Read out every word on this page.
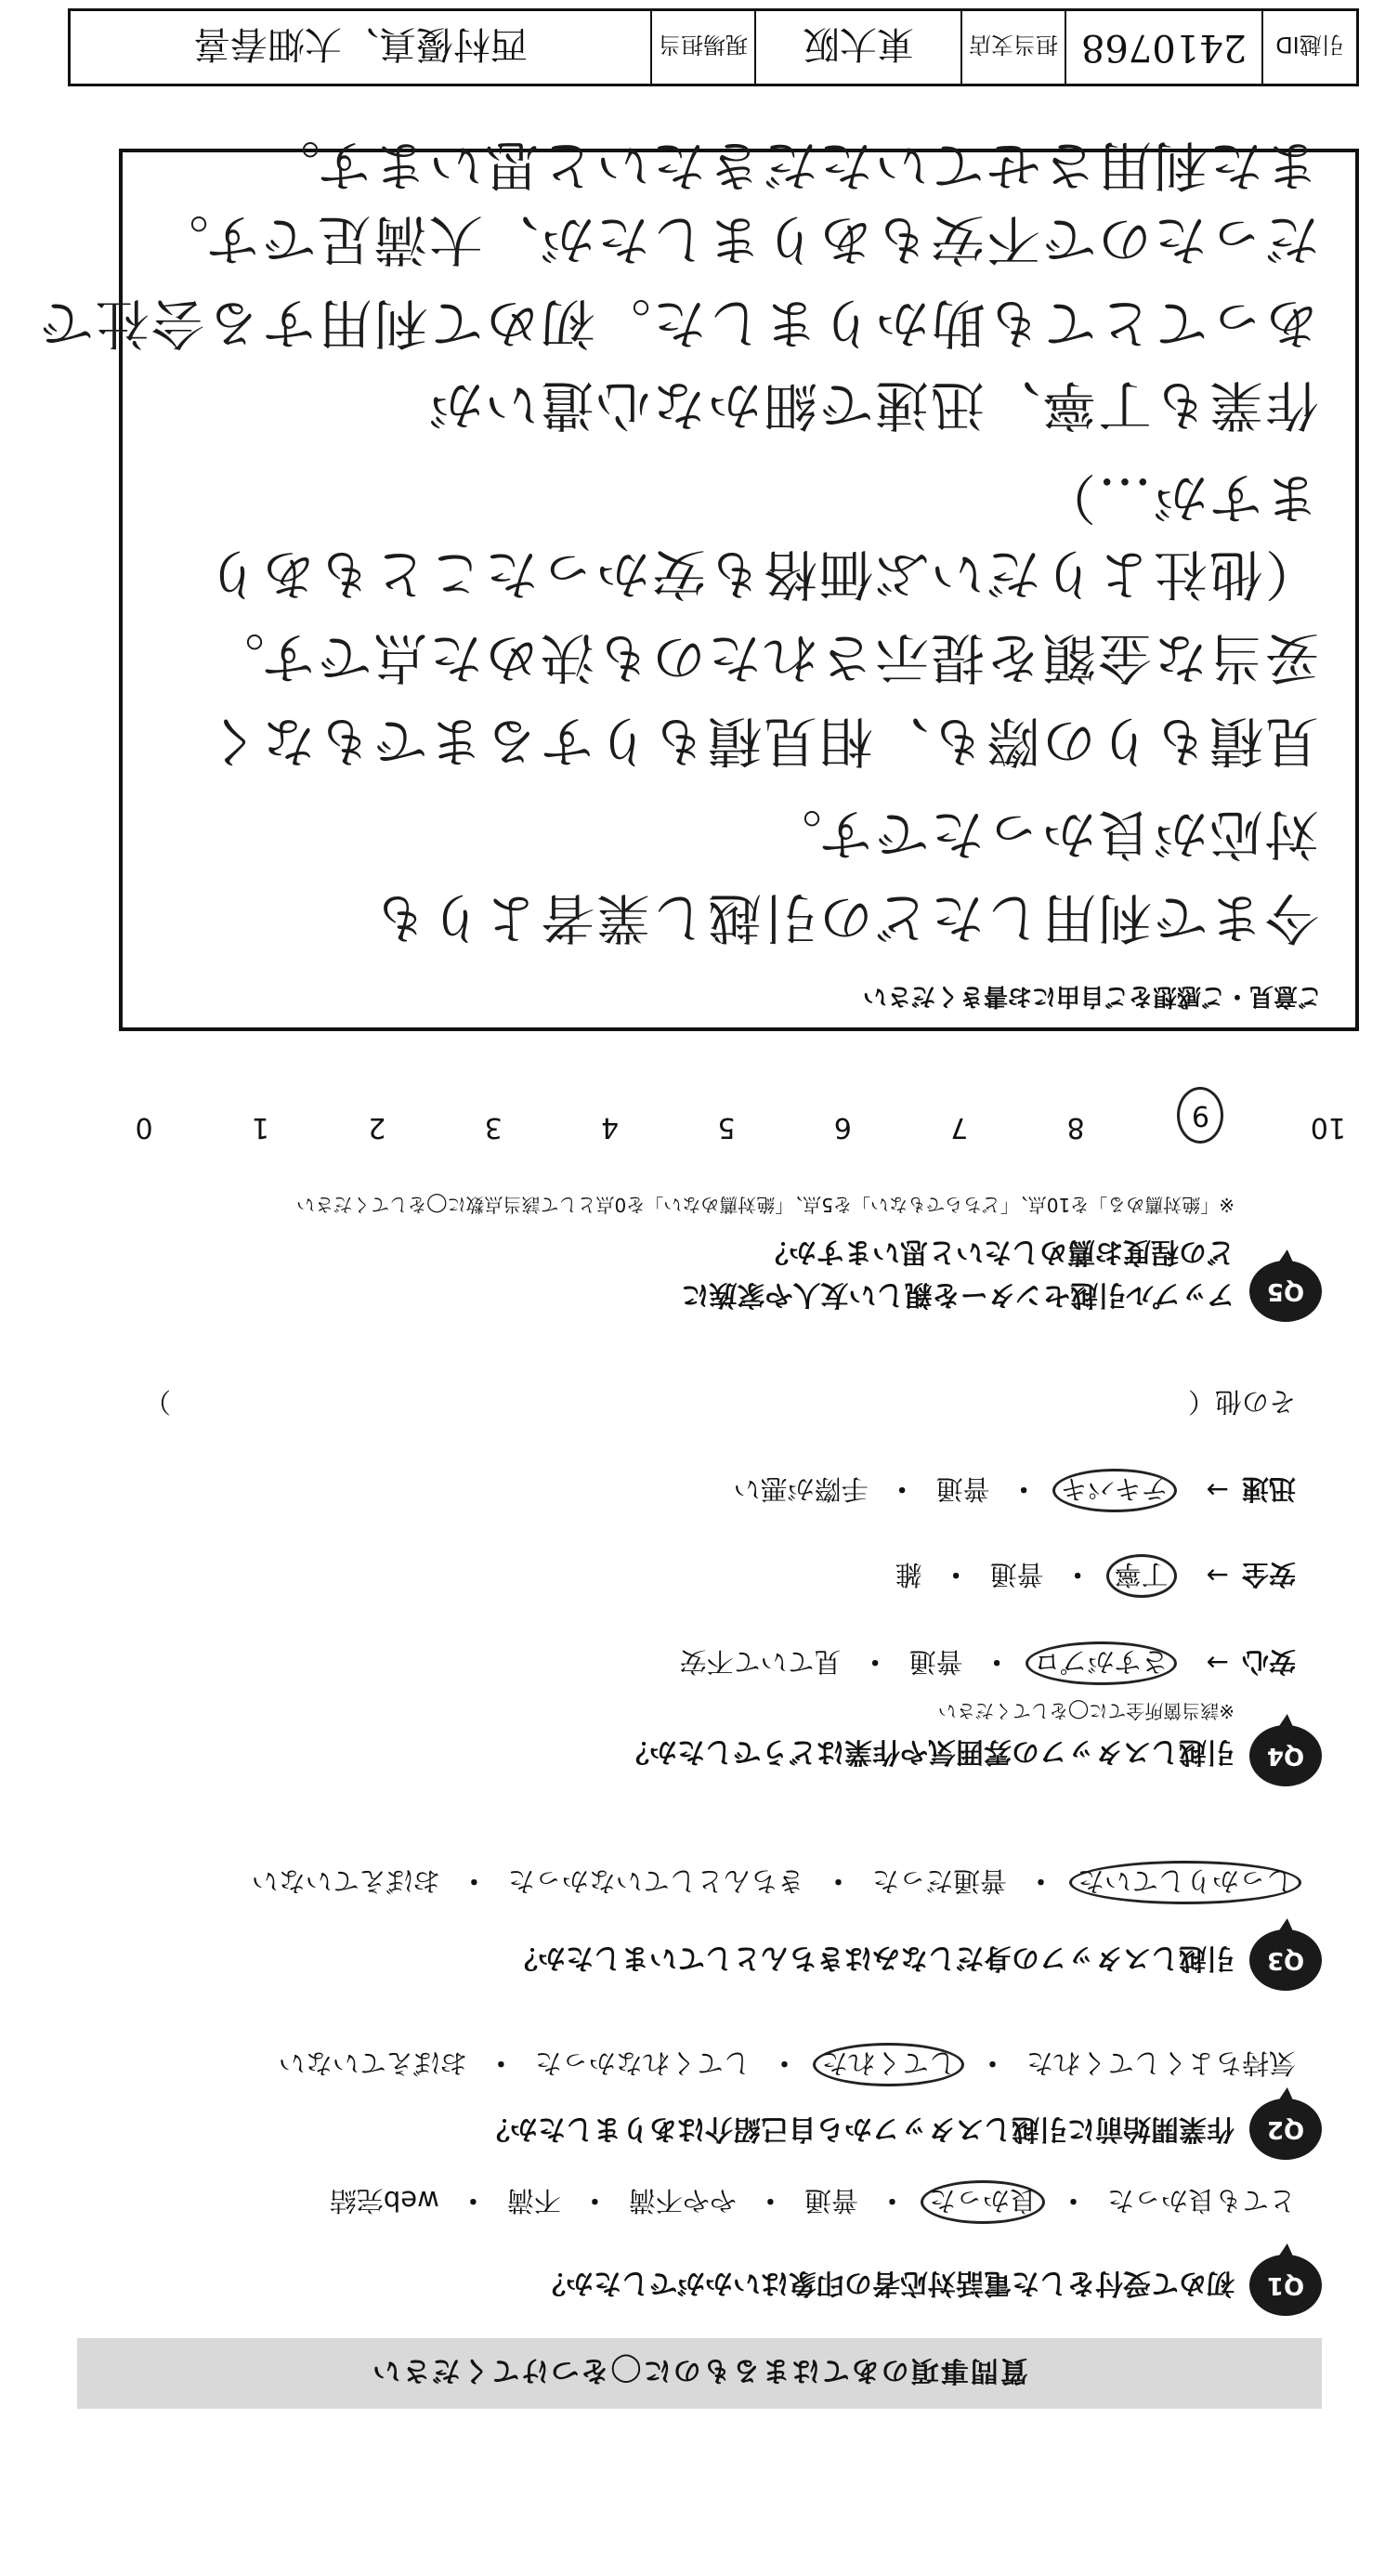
質問事項のあてはまるものに◯をつけてください
Q1
初めて受付をした電話対応者の印象はいかがでしたか？
とても良かった
・
良かった
・
普通
・
やや不満
・
不満
・
web完結
Q2
作業開始前に引越しスタッフから自己紹介はありましたか？
気持ちよくしてくれた
・
してくれた
・
してくれなかった
・
おぼえていない
Q3
引越しスタッフの身だしなみはきちんとしていましたか？
しっかりしていた
・
普通だった
・
きちんとしていなかった
・
おぼえていない
Q4
引越しスタッフの雰囲気や作業はどうでしたか？
※該当箇所全てに◯をしてください
安心
→
さすがプロ
・
普通
・
見ていて不安
安全
→
丁寧
・
普通
・
雑
迅速
→
テキパキ
・
普通
・
手際が悪い
その他（
）
Q5
アップル引越センターを親しい友人や家族に
どの程度お薦めしたいと思いますか？
※「絶対薦める」を10点、「どちらでもない」を5点、「絶対薦めない」を0点として該当点数に◯をしてください
10
9
8
7
6
5
4
3
2
1
0
ご意見・ご感想をご自由にお書きください
今まで利用したどの引越し業者よりも
対応が良かったです。
見積もりの際も、相見積もりするまでもなく
妥当な金額を提示されたのも決めた点です。
（他社よりだいぶ価格も安かったこともあり
ますが…）
作業も丁寧、迅速で細かな心遣いが
あってとても助かりました。初めて利用する会社で
だったので不安もありましたが、大満足です。
また利用させていただきたいと思います。
引越ID
2410768
担当支店
東大阪
現場担当
西村優真、大畑春喜
